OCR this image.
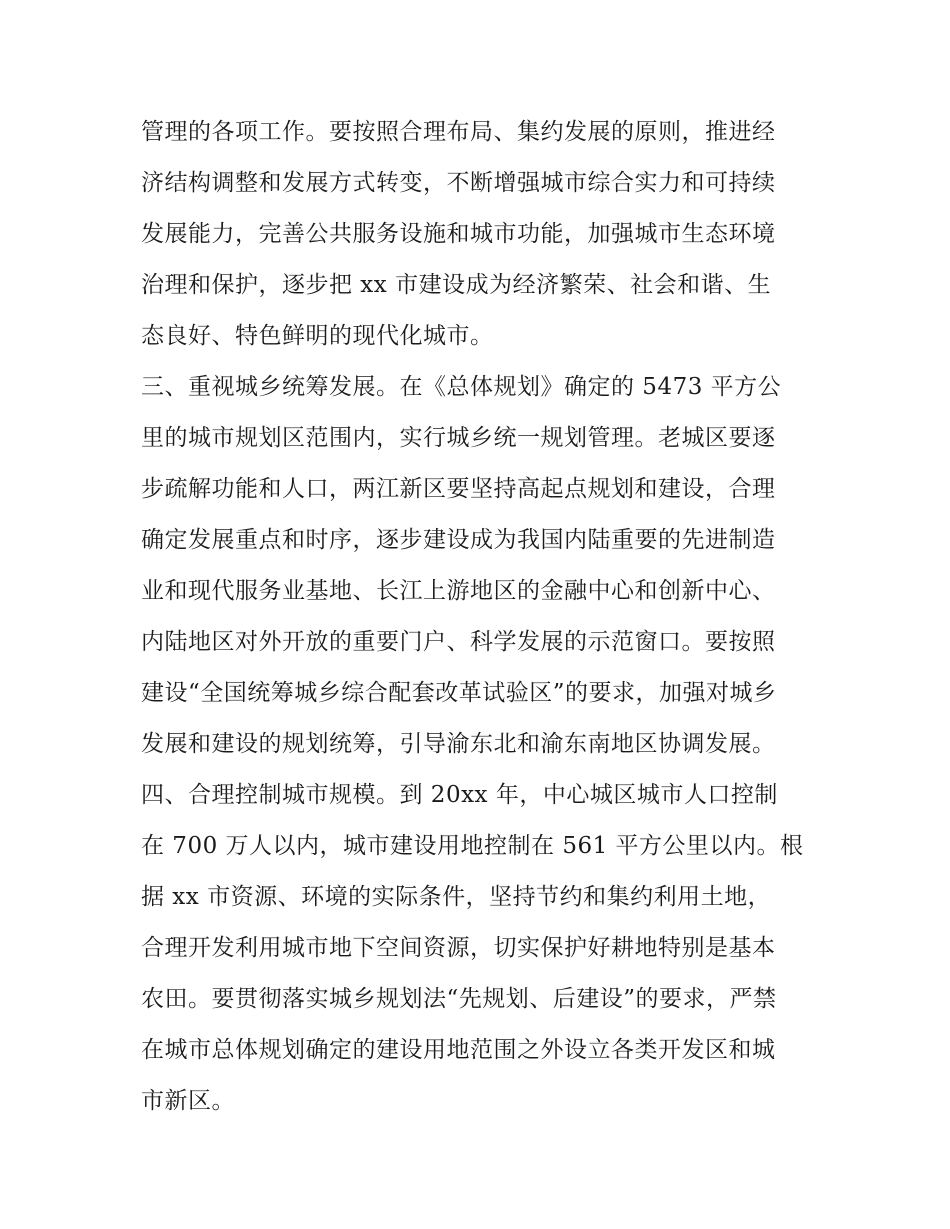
管理的各项工作。要按照合理布局、集约发展的原则，推进经
济结构调整和发展方式转变，不断增强城市综合实力和可持续
发展能力，完善公共服务设施和城市功能，加强城市生态环境
治理和保护，逐步把 xx 市建设成为经济繁荣、社会和谐、生
态良好、特色鲜明的现代化城市。
三、重视城乡统筹发展。在《总体规划》确定的 5473 平方公
里的城市规划区范围内，实行城乡统一规划管理。老城区要逐
步疏解功能和人口，两江新区要坚持高起点规划和建设，合理
确定发展重点和时序，逐步建设成为我国内陆重要的先进制造
业和现代服务业基地、长江上游地区的金融中心和创新中心、
内陆地区对外开放的重要门户、科学发展的示范窗口。要按照
建设“全国统筹城乡综合配套改革试验区”的要求，加强对城乡
发展和建设的规划统筹，引导渝东北和渝东南地区协调发展。
四、合理控制城市规模。到 20xx 年，中心城区城市人口控制
在 700 万人以内，城市建设用地控制在 561 平方公里以内。根
据 xx 市资源、环境的实际条件，坚持节约和集约利用土地，
合理开发利用城市地下空间资源，切实保护好耕地特别是基本
农田。要贯彻落实城乡规划法“先规划、后建设”的要求，严禁
在城市总体规划确定的建设用地范围之外设立各类开发区和城
市新区。
